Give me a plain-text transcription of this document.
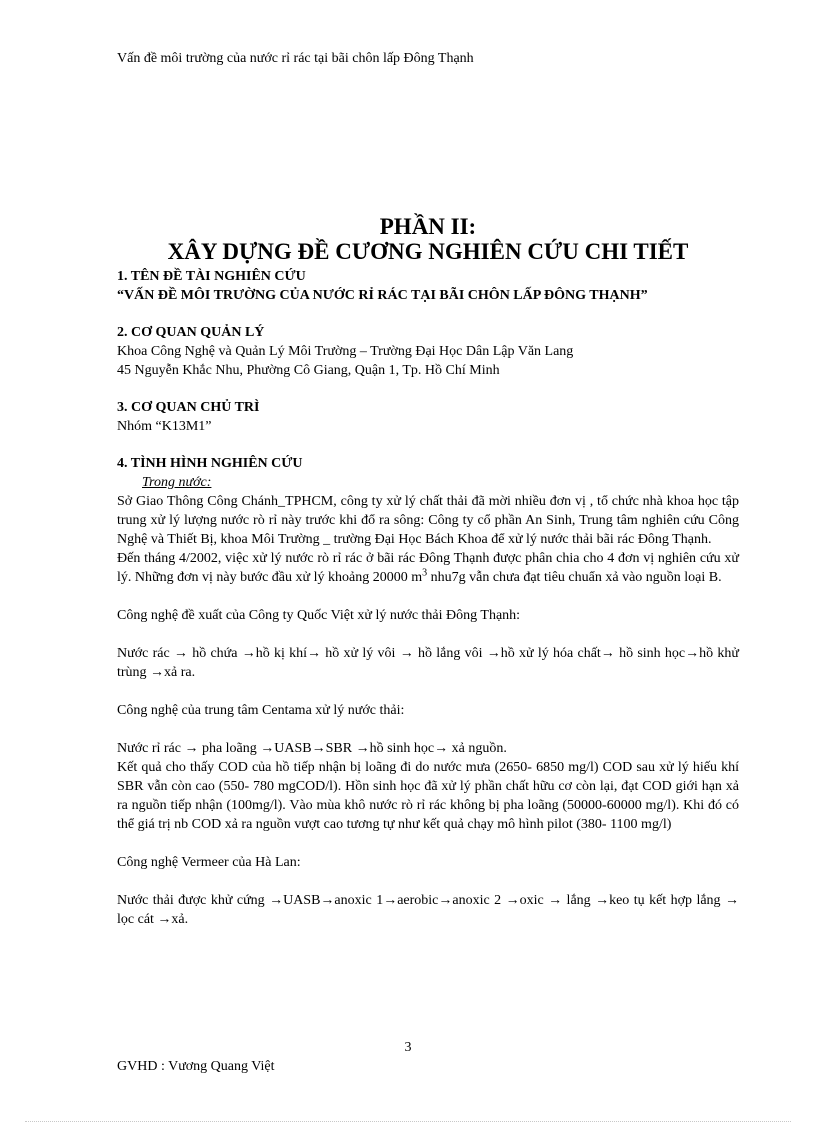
Vấn đề môi trường của nước rỉ rác tại bãi chôn lấp Đông Thạnh

PHẦN II:

XÂY DỰNG ĐỀ CƯƠNG NGHIÊN CỨU CHI TIẾT

1. TÊN ĐỀ TÀI NGHIÊN CỨU

“VẤN ĐỀ MÔI TRƯỜNG CỦA NƯỚC RỈ RÁC TẠI BÃI CHÔN LẤP ĐÔNG THẠNH”

2. CƠ QUAN QUẢN LÝ

Khoa Công Nghệ và Quản Lý Môi Trường – Trường Đại Học Dân Lập Văn Lang

45 Nguyễn Khắc Nhu, Phường Cô Giang, Quận 1, Tp. Hồ Chí Minh

3. CƠ QUAN CHỦ TRÌ

Nhóm “K13M1”

4. TÌNH HÌNH NGHIÊN CỨU

Trong nước:

Sở Giao Thông Công Chánh_TPHCM, công ty xử lý chất thải đã mời nhiều đơn vị , tổ chức nhà khoa học tập trung xử lý lượng nước rò rỉ này trước khi đổ ra sông: Công ty cổ phần An Sinh, Trung tâm nghiên cứu Công Nghệ và Thiết Bị, khoa Môi Trường _ trường Đại Học Bách Khoa để xử lý nước thải bãi rác Đông Thạnh.

Đến tháng 4/2002, việc xử lý nước rò rỉ rác ở bãi rác Đông Thạnh được phân chia cho 4 đơn vị nghiên cứu xử lý. Những đơn vị này bước đầu xử lý khoảng 20000 $m^3$ nhu7g vẫn chưa đạt tiêu chuẩn xả vào nguồn loại B.

Công nghệ đề xuất của Công ty Quốc Việt xử lý nước thải Đông Thạnh:

Nước rác → hồ chứa →hồ kị khí→ hồ xử lý vôi → hồ lắng vôi →hồ xử lý hóa chất→ hồ sinh học→hồ khử trùng →xả ra.

Công nghệ của trung tâm Centama xử lý nước thải:

Nước rỉ rác → pha loãng →UASB→SBR →hồ sinh học→ xả nguồn.

Kết quả cho thấy COD của hồ tiếp nhận bị loãng đi do nước mưa (2650- 6850 mg/l) COD sau xử lý hiếu khí SBR vẫn còn cao (550- 780 mgCOD/l). Hồn sinh học đã xử lý phần chất hữu cơ còn lại, đạt COD giới hạn xả ra nguồn tiếp nhận (100mg/l). Vào mùa khô nước rò rỉ rác không bị pha loãng (50000-60000 mg/l). Khi đó có thể giá trị nb COD xả ra nguồn vượt cao tương tự như kết quả chạy mô hình pilot (380- 1100 mg/l)

Công nghệ Vermeer của Hà Lan:

Nước thải được khử cứng →UASB→anoxic 1→aerobic→anoxic 2 →oxic → lắng →keo tụ kết hợp lắng → lọc cát →xả.

3
GVHD : Vương Quang Việt
